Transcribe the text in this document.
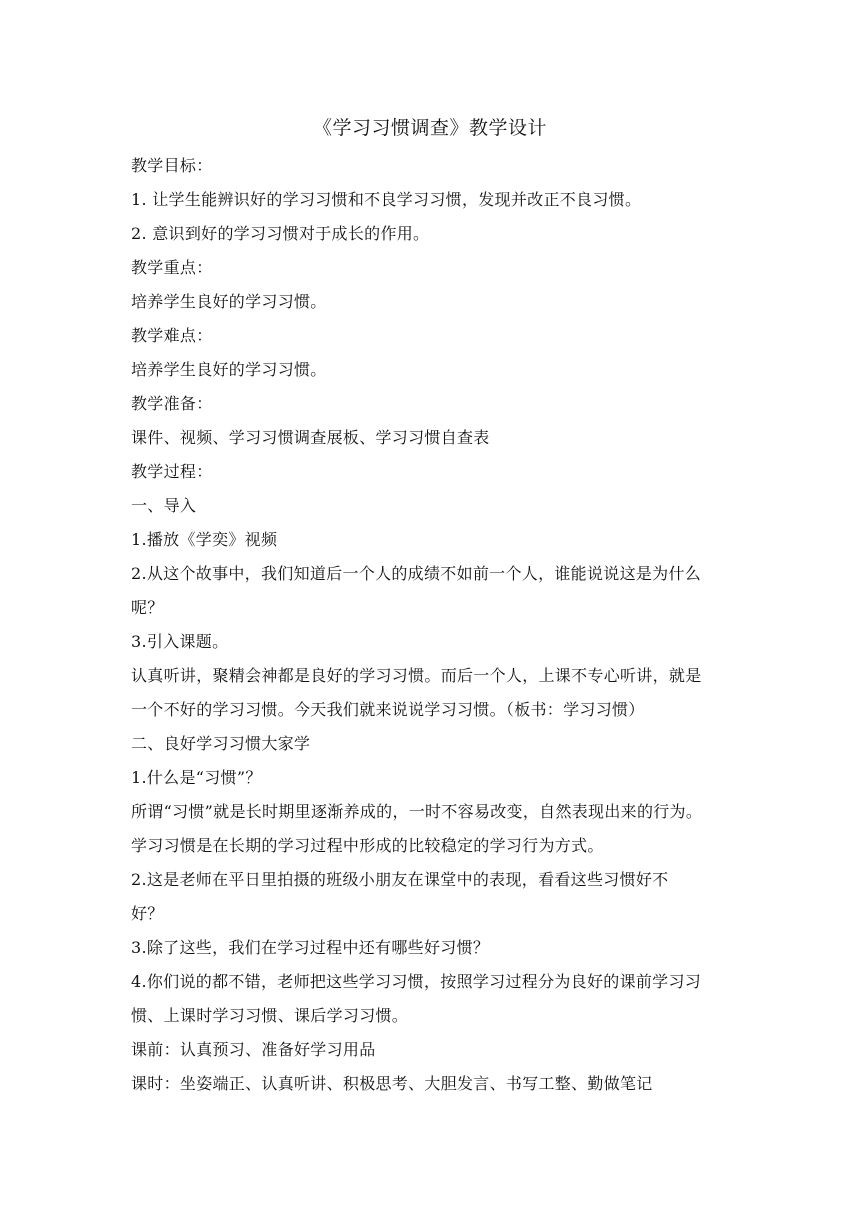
《学习习惯调查》教学设计
教学目标：
1. 让学生能辨识好的学习习惯和不良学习习惯，发现并改正不良习惯。
2. 意识到好的学习习惯对于成长的作用。
教学重点：
培养学生良好的学习习惯。
教学难点：
培养学生良好的学习习惯。
教学准备：
课件、视频、学习习惯调查展板、学习习惯自查表
教学过程：
一、导入
1.播放《学奕》视频
2.从这个故事中，我们知道后一个人的成绩不如前一个人，谁能说说这是为什么
呢？
3.引入课题。
认真听讲，聚精会神都是良好的学习习惯。而后一个人，上课不专心听讲，就是
一个不好的学习习惯。今天我们就来说说学习习惯。（板书：学习习惯）
二、良好学习习惯大家学
1.什么是“习惯”？
所谓“习惯”就是长时期里逐渐养成的，一时不容易改变，自然表现出来的行为。
学习习惯是在长期的学习过程中形成的比较稳定的学习行为方式。
2.这是老师在平日里拍摄的班级小朋友在课堂中的表现，看看这些习惯好不
好？
3.除了这些，我们在学习过程中还有哪些好习惯？
4.你们说的都不错，老师把这些学习习惯，按照学习过程分为良好的课前学习习
惯、上课时学习习惯、课后学习习惯。
课前：认真预习、准备好学习用品
课时：坐姿端正、认真听讲、积极思考、大胆发言、书写工整、勤做笔记
